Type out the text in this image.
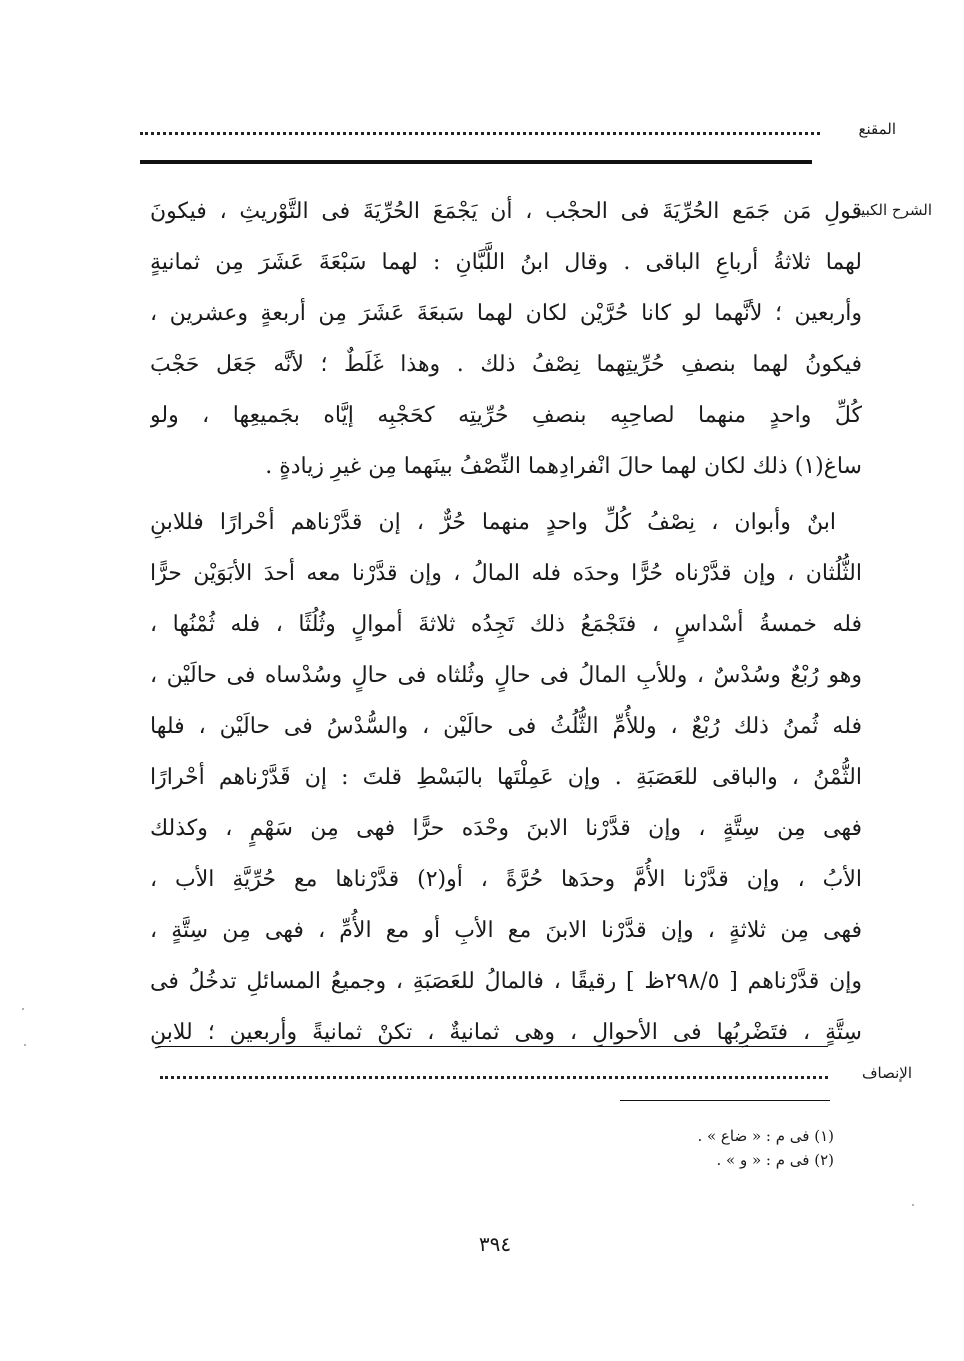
المقنع
الشرح الكبير
قولِ مَن جَمَع الحُرِّيَةَ فى الحجْب ، أن يَجْمَعَ الحُرِّيَةَ فى التَّوْريثِ ، فيكونَ
لهما ثلاثةُ أرباعِ الباقى . وقال ابنُ اللَّبَّانِ : لهما سَبْعَةَ عَشَرَ مِن ثمانيةٍ
وأربعين ؛ لأنَّهما لو كانا حُرَّيْن لكان لهما سَبعَةَ عَشَرَ مِن أربعةٍ وعشرين ،
فيكونُ لهما بنصفِ حُرِّيتِهما نِصْفُ ذلك . وهذا غَلَطٌ ؛ لأنَّه جَعَل حَجْبَ
كُلِّ واحدٍ منهما لصاحِبِه بنصفِ حُرِّيتِه كحَجْبِه إيَّاه بجَميعِها ، ولو
ساغ(١) ذلك لكان لهما حالَ انْفرادِهما النِّصْفُ بينَهما مِن غيرِ زيادةٍ .
ابنٌ وأبوان ، نِصْفُ كُلِّ واحدٍ منهما حُرٌّ ، إن قدَّرْناهم أحْرارًا فللابنِ
الثُّلُثان ، وإن قدَّرْناه حُرًّا وحدَه فله المالُ ، وإن قدَّرْنا معه أحدَ الأبَوَيْن حرًّا
فله خمسةُ أسْداسٍ ، فتَجْمَعُ ذلك تَجِدُه ثلاثةَ أموالٍ وثُلُثًا ، فله ثُمْنُها ،
وهو رُبْعٌ وسُدْسٌ ، وللأبِ المالُ فى حالٍ وثُلثاه فى حالٍ وسُدْساه فى حالَيْن ،
فله ثُمنُ ذلك رُبْعٌ ، وللأُمِّ الثُّلُثُ فى حالَيْن ، والسُّدْسُ فى حالَيْن ، فلها
الثُّمْنُ ، والباقى للعَصَبَةِ . وإن عَمِلْتَها بالبَسْطِ قلتَ : إن قَدَّرْناهم أحْرارًا
فهى مِن سِتَّةٍ ، وإن قدَّرْنا الابنَ وحْدَه حرًّا فهى مِن سَهْمٍ ، وكذلك
الأبُ ، وإن قدَّرْنا الأُمَّ وحدَها حُرَّةً ، أو(٢) قدَّرْناها مع حُرِّيَّةِ الأب ،
فهى مِن ثلاثةٍ ، وإن قدَّرْنا الابنَ مع الأبِ أو مع الأُمِّ ، فهى مِن سِتَّةٍ ،
وإن قدَّرْناهم [ ٢٩٨/٥ظ ] رقيقًا ، فالمالُ للعَصَبَةِ ، وجميعُ المسائلِ تدخُلُ فى
سِتَّةٍ ، فتَضْرِبُها فى الأحوالِ ، وهى ثمانيةٌ ، تكنْ ثمانيةً وأربعين ؛ للابنِ
الإنصاف
(١) فى م : « ضاع » .
(٢) فى م : « و » .
٣٩٤
